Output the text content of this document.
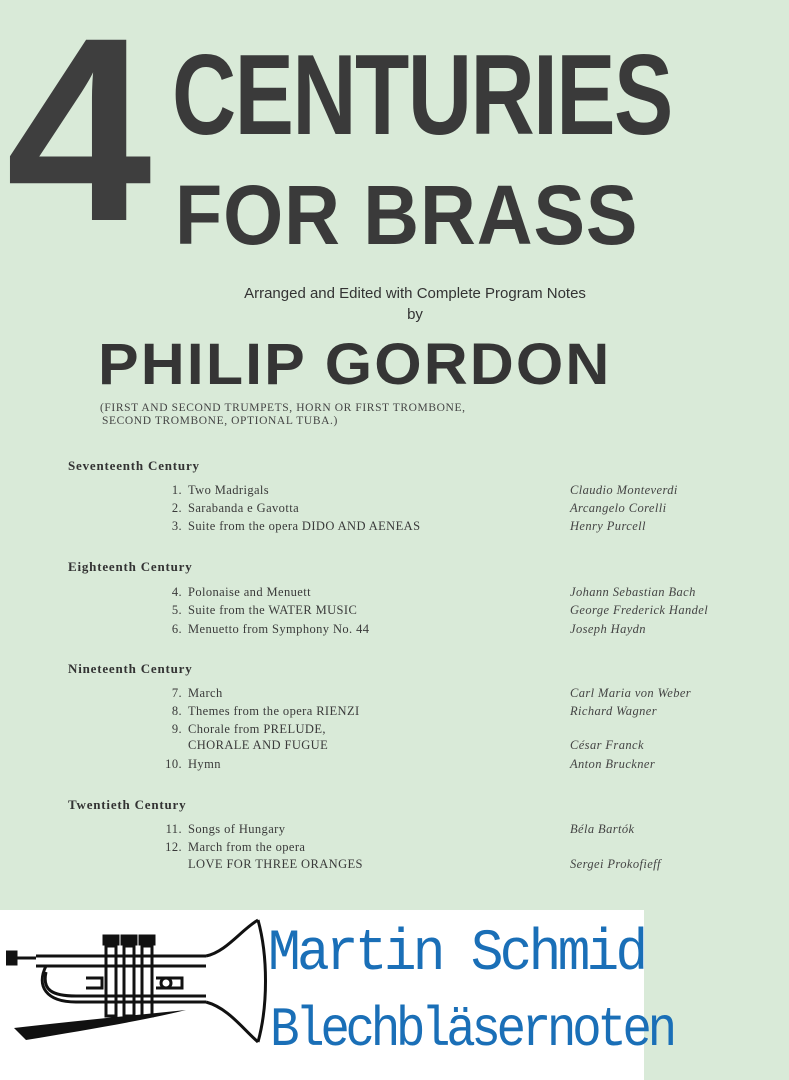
4 CENTURIES
FOR BRASS
Arranged and Edited with Complete Program Notes
by
PHILIP GORDON
(FIRST AND SECOND TRUMPETS, HORN OR FIRST TROMBONE,
SECOND TROMBONE, OPTIONAL TUBA.)
Seventeenth Century
1. Two Madrigals	Claudio Monteverdi
2. Sarabanda e Gavotta	Arcangelo Corelli
3. Suite from the opera DIDO AND AENEAS	Henry Purcell
Eighteenth Century
4. Polonaise and Menuett	Johann Sebastian Bach
5. Suite from the WATER MUSIC	George Frederick Handel
6. Menuetto from Symphony No. 44	Joseph Haydn
Nineteenth Century
7. March	Carl Maria von Weber
8. Themes from the opera RIENZI	Richard Wagner
9. Chorale from PRELUDE,
CHORALE AND FUGUE	César Franck
10. Hymn	Anton Bruckner
Twentieth Century
11. Songs of Hungary	Béla Bartók
12. March from the opera
LOVE FOR THREE ORANGES	Sergei Prokofieff
Martin Schmid
Blechbläsernoten
